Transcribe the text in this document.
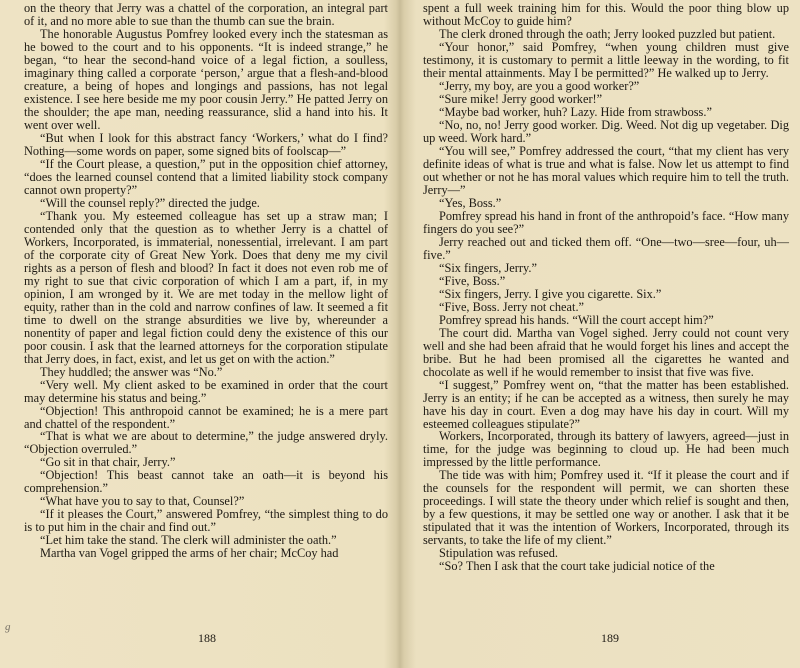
on the theory that Jerry was a chattel of the corporation, an integral part of it, and no more able to sue than the thumb can sue the brain.

The honorable Augustus Pomfrey looked every inch the statesman as he bowed to the court and to his opponents. “It is indeed strange,” he began, “to hear the second-hand voice of a legal fiction, a soulless, imaginary thing called a corporate ‘person,’ argue that a flesh-and-blood creature, a being of hopes and longings and passions, has not legal existence. I see here beside me my poor cousin Jerry.” He patted Jerry on the shoulder; the ape man, needing reassurance, slid a hand into his. It went over well.

“But when I look for this abstract fancy ‘Workers,’ what do I find? Nothing—some words on paper, some signed bits of foolscap—”

“If the Court please, a question,” put in the opposition chief attorney, “does the learned counsel contend that a limited liability stock company cannot own property?”

“Will the counsel reply?” directed the judge.

“Thank you. My esteemed colleague has set up a straw man; I contended only that the question as to whether Jerry is a chattel of Workers, Incorporated, is immaterial, nonessential, irrelevant. I am part of the corporate city of Great New York. Does that deny me my civil rights as a person of flesh and blood? In fact it does not even rob me of my right to sue that civic corporation of which I am a part, if, in my opinion, I am wronged by it. We are met today in the mellow light of equity, rather than in the cold and narrow confines of law. It seemed a fit time to dwell on the strange absurdities we live by, whereunder a nonentity of paper and legal fiction could deny the existence of this our poor cousin. I ask that the learned attorneys for the corporation stipulate that Jerry does, in fact, exist, and let us get on with the action.”

They huddled; the answer was “No.”

“Very well. My client asked to be examined in order that the court may determine his status and being.”

“Objection! This anthropoid cannot be examined; he is a mere part and chattel of the respondent.”

“That is what we are about to determine,” the judge answered dryly. “Objection overruled.”

“Go sit in that chair, Jerry.”

“Objection! This beast cannot take an oath—it is beyond his comprehension.”

“What have you to say to that, Counsel?”

“If it pleases the Court,” answered Pomfrey, “the simplest thing to do is to put him in the chair and find out.”

“Let him take the stand. The clerk will administer the oath.”

Martha van Vogel gripped the arms of her chair; McCoy had

g
188

spent a full week training him for this. Would the poor thing blow up without McCoy to guide him?

The clerk droned through the oath; Jerry looked puzzled but patient.

“Your honor,” said Pomfrey, “when young children must give testimony, it is customary to permit a little leeway in the wording, to fit their mental attainments. May I be permitted?” He walked up to Jerry.

“Jerry, my boy, are you a good worker?”

“Sure mike! Jerry good worker!”

“Maybe bad worker, huh? Lazy. Hide from strawboss.”

“No, no, no! Jerry good worker. Dig. Weed. Not dig up vegetaber. Dig up weed. Work hard.”

“You will see,” Pomfrey addressed the court, “that my client has very definite ideas of what is true and what is false. Now let us attempt to find out whether or not he has moral values which require him to tell the truth. Jerry—”

“Yes, Boss.”

Pomfrey spread his hand in front of the anthropoid’s face. “How many fingers do you see?”

Jerry reached out and ticked them off. “One—two—sree—four, uh—five.”

“Six fingers, Jerry.”

“Five, Boss.”

“Six fingers, Jerry. I give you cigarette. Six.”

“Five, Boss. Jerry not cheat.”

Pomfrey spread his hands. “Will the court accept him?”

The court did. Martha van Vogel sighed. Jerry could not count very well and she had been afraid that he would forget his lines and accept the bribe. But he had been promised all the cigarettes he wanted and chocolate as well if he would remember to insist that five was five.

“I suggest,” Pomfrey went on, “that the matter has been established. Jerry is an entity; if he can be accepted as a witness, then surely he may have his day in court. Even a dog may have his day in court. Will my esteemed colleagues stipulate?”

Workers, Incorporated, through its battery of lawyers, agreed—just in time, for the judge was beginning to cloud up. He had been much impressed by the little performance.

The tide was with him; Pomfrey used it. “If it please the court and if the counsels for the respondent will permit, we can shorten these proceedings. I will state the theory under which relief is sought and then, by a few questions, it may be settled one way or another. I ask that it be stipulated that it was the intention of Workers, Incorporated, through its servants, to take the life of my client.”

Stipulation was refused.

“So? Then I ask that the court take judicial notice of the

189
